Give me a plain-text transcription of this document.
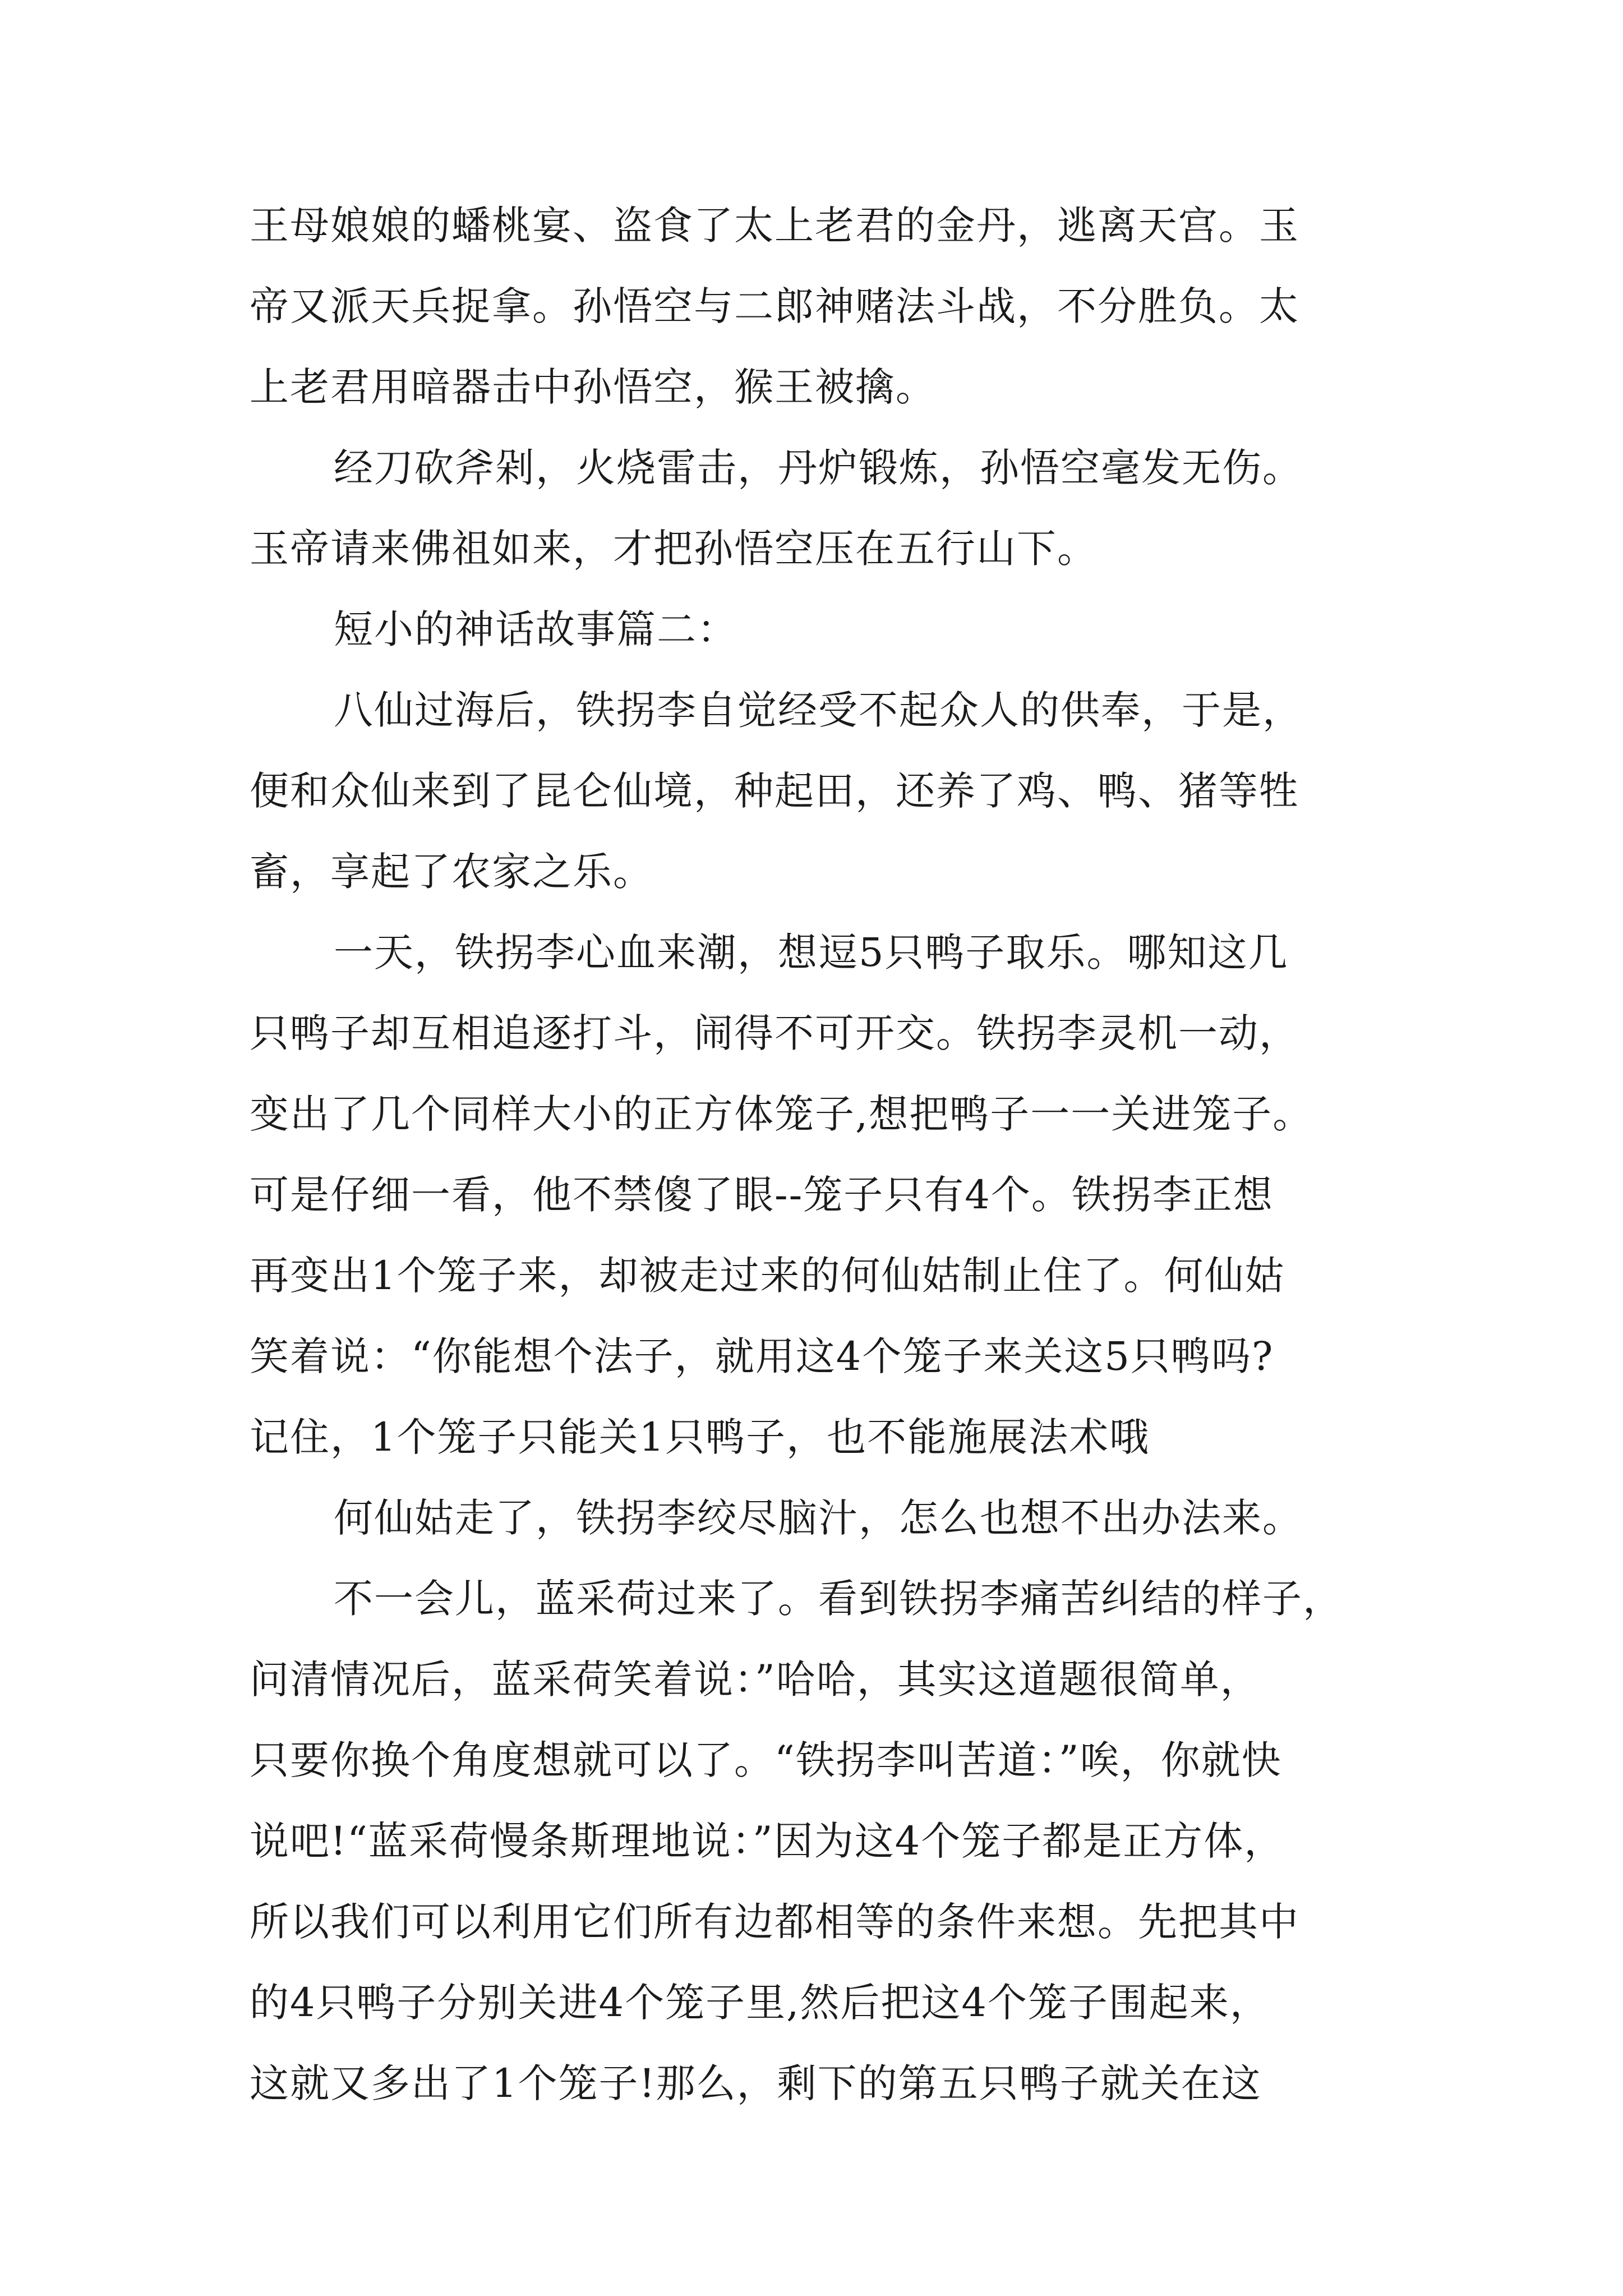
王母娘娘的蟠桃宴、盗食了太上老君的金丹，逃离天宫。玉
帝又派天兵捉拿。孙悟空与二郎神赌法斗战，不分胜负。太
上老君用暗器击中孙悟空，猴王被擒。
经刀砍斧剁，火烧雷击，丹炉锻炼，孙悟空毫发无伤。
玉帝请来佛祖如来，才把孙悟空压在五行山下。
短小的神话故事篇二：
八仙过海后，铁拐李自觉经受不起众人的供奉，于是，
便和众仙来到了昆仑仙境，种起田，还养了鸡、鸭、猪等牲
畜，享起了农家之乐。
一天，铁拐李心血来潮，想逗5只鸭子取乐。哪知这几
只鸭子却互相追逐打斗，闹得不可开交。铁拐李灵机一动，
变出了几个同样大小的正方体笼子,想把鸭子一一关进笼子。
可是仔细一看，他不禁傻了眼--笼子只有4个。铁拐李正想
再变出1个笼子来，却被走过来的何仙姑制止住了。何仙姑
笑着说：“你能想个法子，就用这4个笼子来关这5只鸭吗?
记住，1个笼子只能关1只鸭子，也不能施展法术哦
何仙姑走了，铁拐李绞尽脑汁，怎么也想不出办法来。
不一会儿，蓝采荷过来了。看到铁拐李痛苦纠结的样子，
问清情况后，蓝采荷笑着说：”哈哈，其实这道题很简单，
只要你换个角度想就可以了。“铁拐李叫苦道：”唉，你就快
说吧!“蓝采荷慢条斯理地说：”因为这4个笼子都是正方体，
所以我们可以利用它们所有边都相等的条件来想。先把其中
的4只鸭子分别关进4个笼子里,然后把这4个笼子围起来，
这就又多出了1个笼子!那么，剩下的第五只鸭子就关在这
